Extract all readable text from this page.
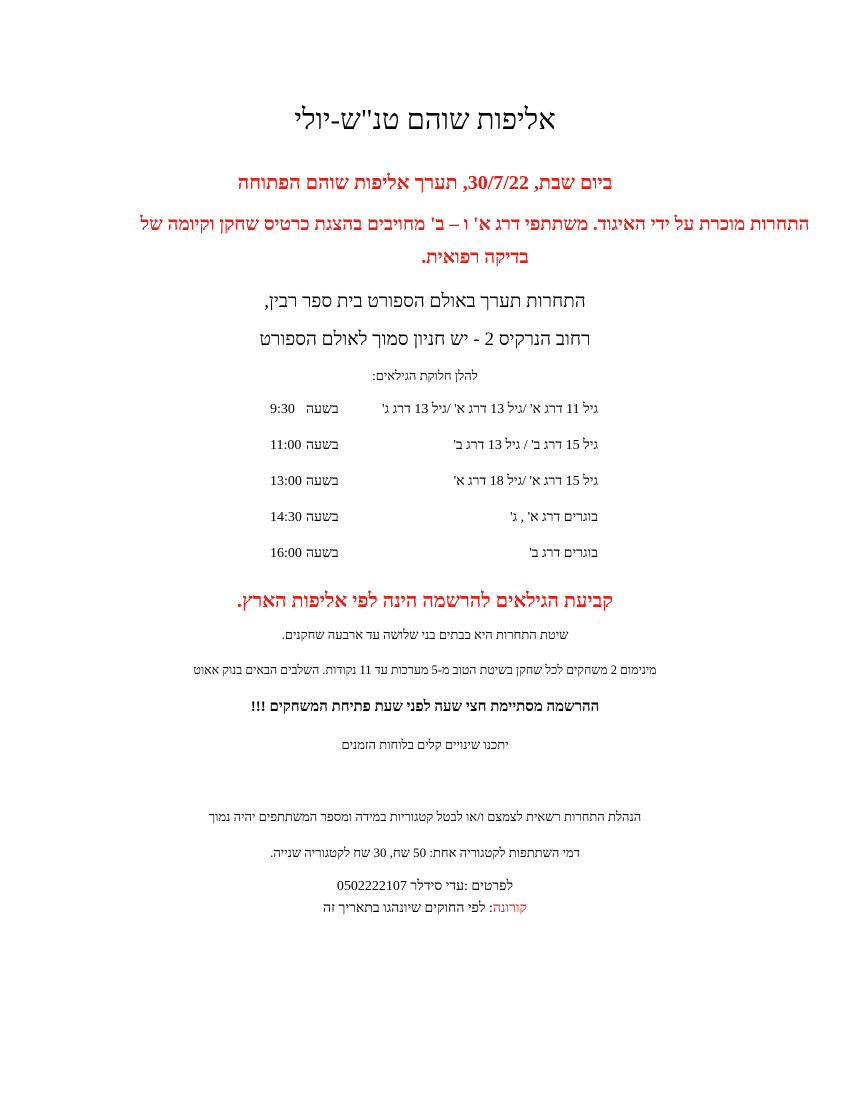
אליפות שוהם טנ"ש-יולי
ביום שבת, 30/7/22, תערך אליפות שוהם הפתוחה
התחרות מוכרת על ידי האיגוד. משתתפי דרג א' ו – ב' מחויבים בהצגת כרטיס שחקן וקיומה של בדיקה רפואית.
התחרות תערך באולם הספורט בית ספר רבין,
רחוב הנרקיס 2 - יש חניון סמוך לאולם הספורט
להלן חלוקת הגילאים:
גיל 11 דרג א' /גיל 13 דרג א' /גיל 13 דרג ג'
בשעה
9:30
גיל 15 דרג ב' / גיל 13 דרג ב'
בשעה
11:00
גיל 15 דרג א' /גיל 18 דרג א'
בשעה
13:00
בוגרים דרג א' , ג'
בשעה
14:30
בוגרים דרג ב'
בשעה
16:00
קביעת הגילאים להרשמה הינה לפי אליפות הארץ.
שיטת התחרות היא בבתים בני שלושה עד ארבעה שחקנים.
מינימום 2 משחקים לכל שחקן בשיטת הטוב מ-5 מערכות עד 11 נקודות. השלבים הבאים בנוק אאוט
ההרשמה מסתיימת חצי שעה לפני שעת פתיחת המשחקים !!!
יתכנו שינויים קלים בלוחות הזמנים
הנהלת התחרות רשאית לצמצם ו/או לבטל קטגוריות במידה ומספר המשתתפים יהיה נמוך
דמי השתתפות לקטגוריה אחת: 50 שח, 30 שח לקטגוריה שנייה.
לפרטים :עדי סידלר 0502222107
קורונה: לפי החוקים שיונהגו בתאריך זה
